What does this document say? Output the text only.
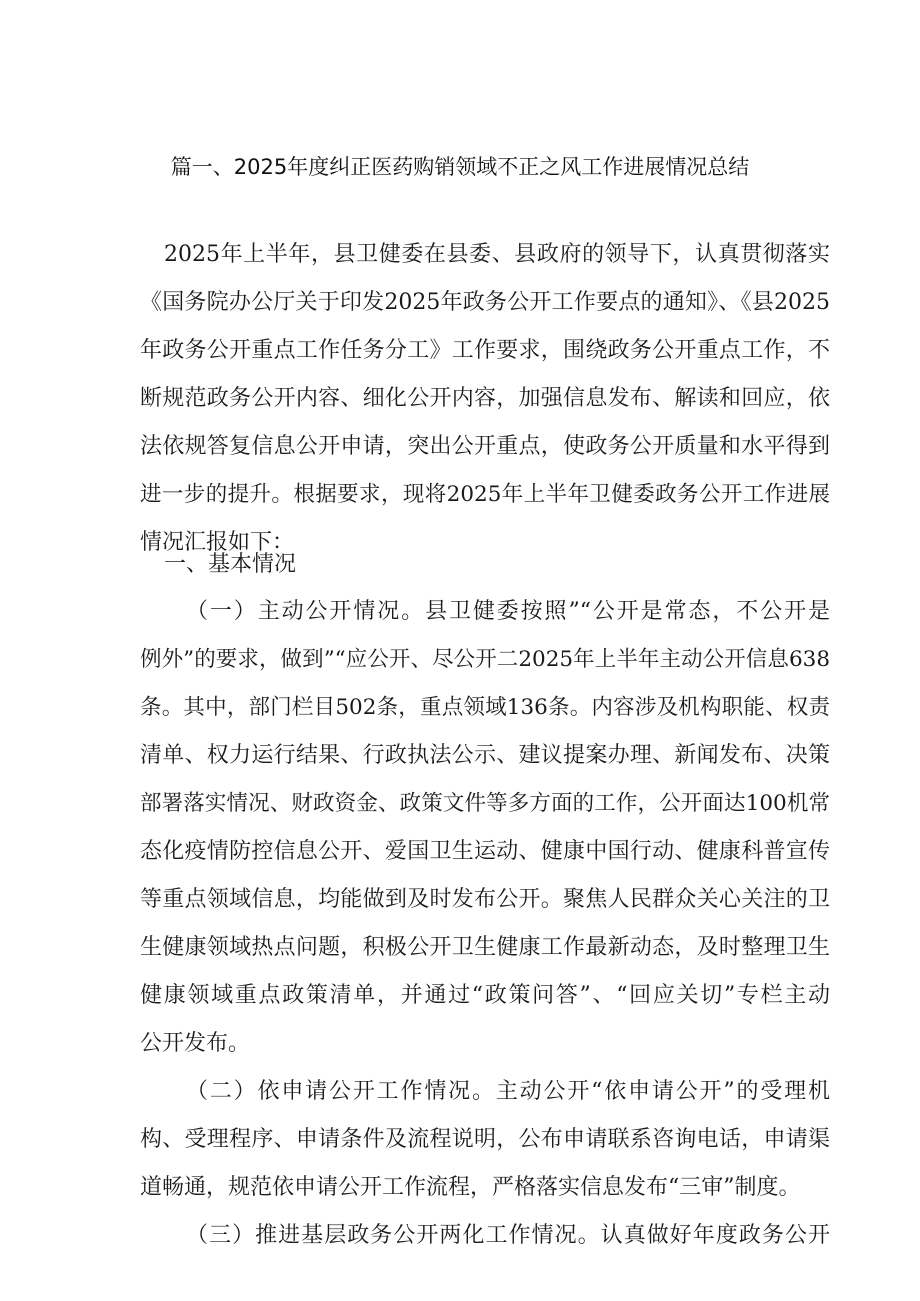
篇一、2025年度纠正医药购销领域不正之风工作进展情况总结
2025年上半年，县卫健委在县委、县政府的领导下，认真贯彻落实
《国务院办公厅关于印发2025年政务公开工作要点的通知》、《县2025
年政务公开重点工作任务分工》工作要求，围绕政务公开重点工作，不
断规范政务公开内容、细化公开内容，加强信息发布、解读和回应，依
法依规答复信息公开申请，突出公开重点，使政务公开质量和水平得到
进一步的提升。根据要求，现将2025年上半年卫健委政务公开工作进展
情况汇报如下：
一、基本情况
（一）主动公开情况。县卫健委按照”“公开是常态，不公开是
例外”的要求，做到”“应公开、尽公开二2025年上半年主动公开信息638
条。其中，部门栏目502条，重点领域136条。内容涉及机构职能、权责
清单、权力运行结果、行政执法公示、建议提案办理、新闻发布、决策
部署落实情况、财政资金、政策文件等多方面的工作，公开面达100机常
态化疫情防控信息公开、爱国卫生运动、健康中国行动、健康科普宣传
等重点领域信息，均能做到及时发布公开。聚焦人民群众关心关注的卫
生健康领域热点问题，积极公开卫生健康工作最新动态，及时整理卫生
健康领域重点政策清单，并通过“政策问答”、“回应关切”专栏主动
公开发布。
（二）依申请公开工作情况。主动公开“依申请公开”的受理机
构、受理程序、申请条件及流程说明，公布申请联系咨询电话，申请渠
道畅通，规范依申请公开工作流程，严格落实信息发布“三审”制度。
（三）推进基层政务公开两化工作情况。认真做好年度政务公开
